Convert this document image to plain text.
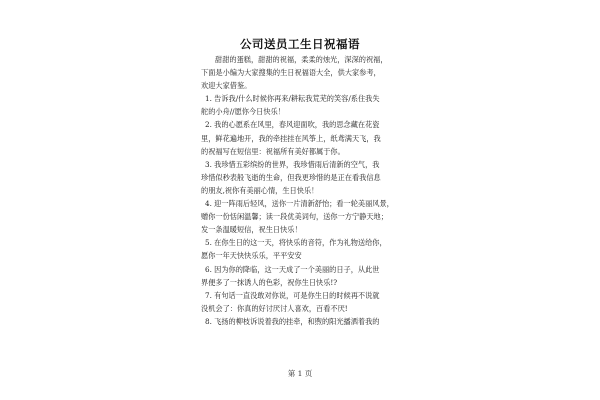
公司送员工生日祝福语
甜甜的蛋糕，甜甜的祝福，柔柔的烛光，深深的祝福，
下面是小编为大家搜集的生日祝福语大全，供大家参考，
欢迎大家借鉴。
1. 告诉我/什么时候你再来/耕耘我荒芜的笑容/系住我失
舵的小舟//愿你今日快乐！
2. 我的心愿系在风里，春风迎面吹，我的思念藏在花瓷
里，鲜花遍地开，我的牵挂挂在风筝上，纸鸢满天飞，我
的祝福写在短信里：祝福所有美好都属于你。
3. 我珍惜五彩缤纷的世界，我珍惜雨后清新的空气，我
珍惜似秒表般飞逝的生命，但我更珍惜的是正在看我信息
的朋友,祝你有美丽心情，生日快乐！
4. 迎一阵雨后轻风，送你一片清新舒怡；看一轮美丽风景，
赠你一份恬闲温馨；读一段优美词句，送你一方宁静天地；
发一条温暖短信，祝生日快乐！
5. 在你生日的这一天，将快乐的音符，作为礼物送给你，
愿你一年天快快乐乐，平平安安
6. 因为你的降临，这一天成了一个美丽的日子，从此世
界便多了一抹诱人的色彩，祝你生日快乐!?
7. 有句话一直没敢对你说，可是你生日的时候再不说就
没机会了：你真的好讨厌讨人喜欢，百看不厌!
8. 飞扬的柳枝诉说着我的挂牵，和煦的阳光播洒着我的
第 1 页
